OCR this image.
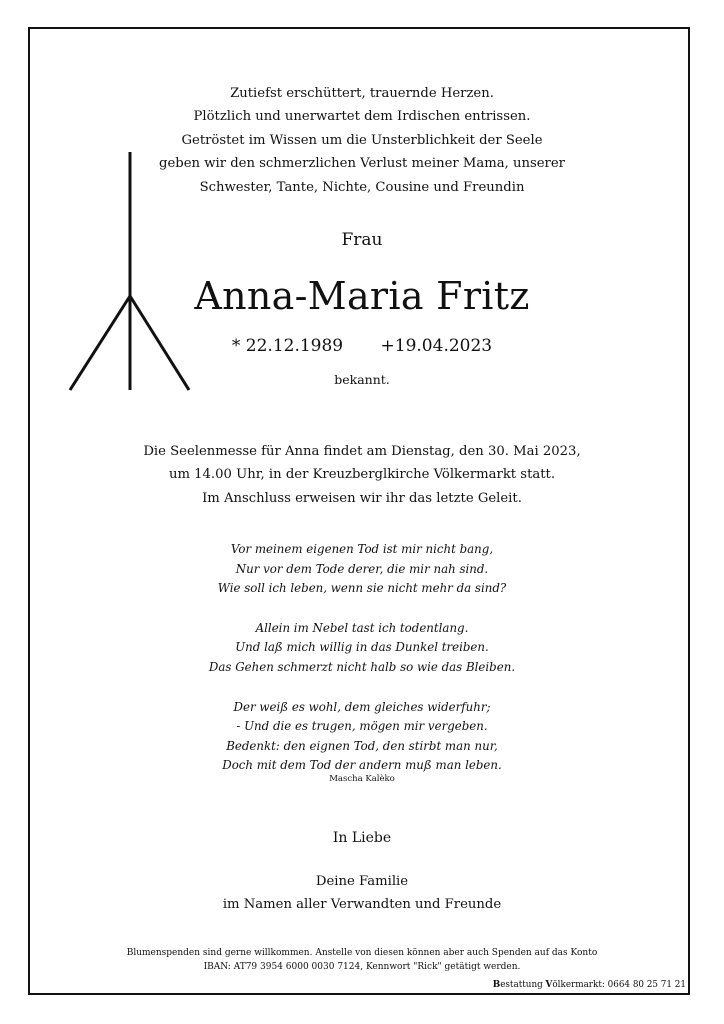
Zutiefst erschüttert, trauernde Herzen.
Plötzlich und unerwartet dem Irdischen entrissen.
Getröstet im Wissen um die Unsterblichkeit der Seele
geben wir den schmerzlichen Verlust meiner Mama, unserer
Schwester, Tante, Nichte, Cousine und Freundin
Frau
Anna-Maria Fritz
* 22.12.1989 +19.04.2023
bekannt.
Die Seelenmesse für Anna findet am Dienstag, den 30. Mai 2023,
um 14.00 Uhr, in der Kreuzberglkirche Völkermarkt statt.
Im Anschluss erweisen wir ihr das letzte Geleit.
Vor meinem eigenen Tod ist mir nicht bang,
Nur vor dem Tode derer, die mir nah sind.
Wie soll ich leben, wenn sie nicht mehr da sind?
Allein im Nebel tast ich todentlang.
Und laß mich willig in das Dunkel treiben.
Das Gehen schmerzt nicht halb so wie das Bleiben.
Der weiß es wohl, dem gleiches widerfuhr;
- Und die es trugen, mögen mir vergeben.
Bedenkt: den eignen Tod, den stirbt man nur,
Doch mit dem Tod der andern muß man leben.
Mascha Kalèko
In Liebe
Deine Familie
im Namen aller Verwandten und Freunde
Blumenspenden sind gerne willkommen. Anstelle von diesen können aber auch Spenden auf das Konto
IBAN: AT79 3954 6000 0030 7124, Kennwort "Rick" getätigt werden.
Bestattung Völkermarkt: 0664 80 25 71 21
